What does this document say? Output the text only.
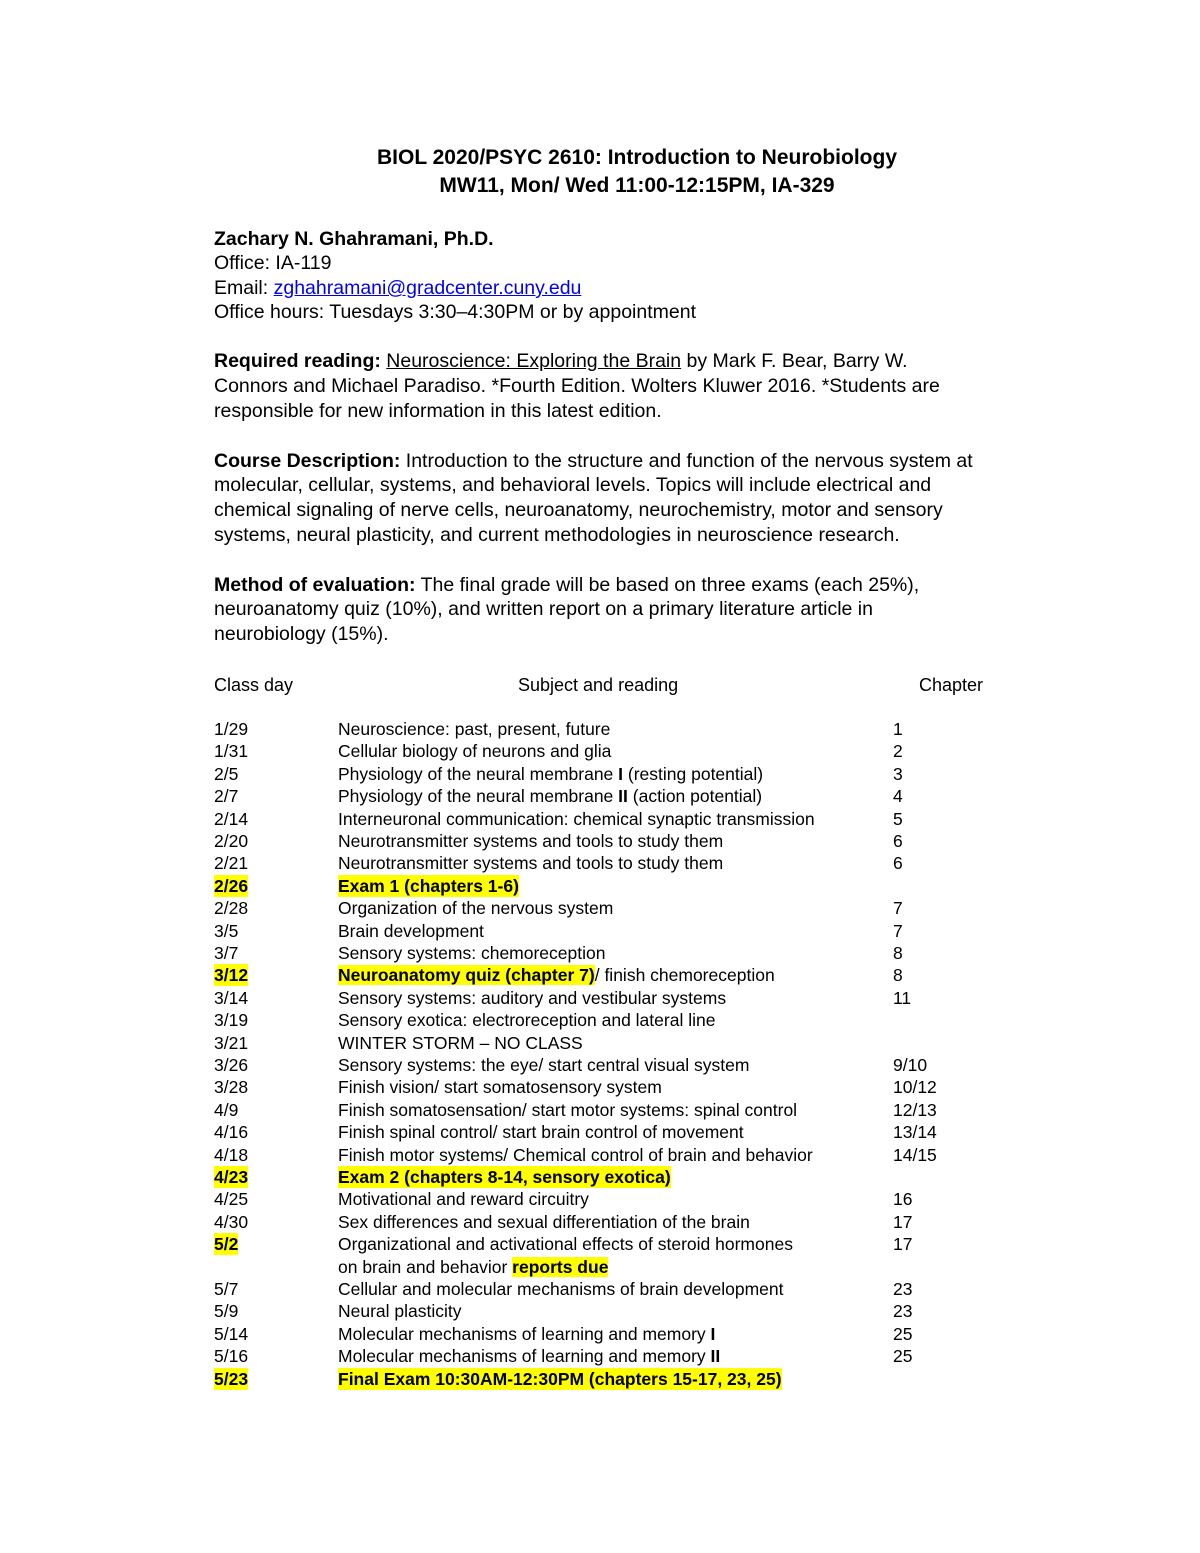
BIOL 2020/PSYC 2610: Introduction to Neurobiology
MW11, Mon/ Wed 11:00-12:15PM, IA-329
Zachary N. Ghahramani, Ph.D.
Office: IA-119
Email: zghahramani@gradcenter.cuny.edu
Office hours: Tuesdays 3:30–4:30PM or by appointment
Required reading: Neuroscience: Exploring the Brain by Mark F. Bear, Barry W.
Connors and Michael Paradiso. *Fourth Edition. Wolters Kluwer 2016. *Students are
responsible for new information in this latest edition.
Course Description: Introduction to the structure and function of the nervous system at
molecular, cellular, systems, and behavioral levels. Topics will include electrical and
chemical signaling of nerve cells, neuroanatomy, neurochemistry, motor and sensory
systems, neural plasticity, and current methodologies in neuroscience research.
Method of evaluation: The final grade will be based on three exams (each 25%),
neuroanatomy quiz (10%), and written report on a primary literature article in
neurobiology (15%).
Class day	Subject and reading	Chapter
1/29	Neuroscience: past, present, future	1
1/31	Cellular biology of neurons and glia	2
2/5	Physiology of the neural membrane I (resting potential)	3
2/7	Physiology of the neural membrane II (action potential)	4
2/14	Interneuronal communication: chemical synaptic transmission	5
2/20	Neurotransmitter systems and tools to study them	6
2/21	Neurotransmitter systems and tools to study them	6
2/26	Exam 1 (chapters 1-6)
2/28	Organization of the nervous system	7
3/5	Brain development	7
3/7	Sensory systems: chemoreception	8
3/12	Neuroanatomy quiz (chapter 7)/ finish chemoreception	8
3/14	Sensory systems: auditory and vestibular systems	11
3/19	Sensory exotica: electroreception and lateral line
3/21	WINTER STORM – NO CLASS
3/26	Sensory systems: the eye/ start central visual system	9/10
3/28	Finish vision/ start somatosensory system	10/12
4/9	Finish somatosensation/ start motor systems: spinal control	12/13
4/16	Finish spinal control/ start brain control of movement	13/14
4/18	Finish motor systems/ Chemical control of brain and behavior	14/15
4/23	Exam 2 (chapters 8-14, sensory exotica)
4/25	Motivational and reward circuitry	16
4/30	Sex differences and sexual differentiation of the brain	17
5/2	Organizational and activational effects of steroid hormones	17
on brain and behavior reports due
5/7	Cellular and molecular mechanisms of brain development	23
5/9	Neural plasticity	23
5/14	Molecular mechanisms of learning and memory I	25
5/16	Molecular mechanisms of learning and memory II	25
5/23	Final Exam 10:30AM-12:30PM (chapters 15-17, 23, 25)
